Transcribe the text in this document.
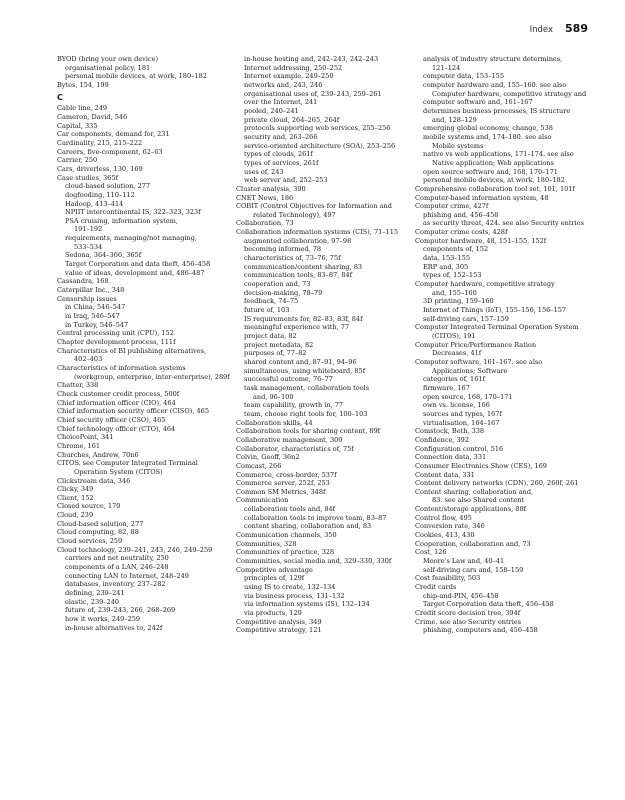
Index 589
BYOD (bring your own device)
organisational policy, 181
personal mobile devices, at work, 180–182
Bytes, 154, 199
C
Cable line, 249
Cameron, David, 546
Capital, 335
Car components, demand for, 231
Cardinality, 215, 215–222
Careers, five-component, 62–63
Carrier, 250
Cars, driverless, 130, 169
Case studies, 365f
cloud-based solution, 277
dogfooding, 110–112
Hadoop, 413–414
NPIIT intercontinental IS, 322–323, 323f
PSA cruising, information system,
191–192
requirements, managing/not managing,
533–534
Sedona, 364–366, 365f
Target Corporation and data theft, 456–458
value of ideas, development and, 486–487
Cassandra, 168
Caterpillar Inc., 348
Censorship issues
in China, 546–547
in Iraq, 546–547
in Turkey, 546–547
Central processing unit (CPU), 152
Chapter development process, 111f
Characteristics of BI publishing alternatives,
402–403
Characteristics of information systems
(workgroup, enterprise, inter-enterprise), 289f
Chatter, 338
Check customer credit process, 500f
Chief information officer (CIO), 464
Chief information security officer (CISO), 465
Chief security officer (CSO), 465
Chief technology officer (CTO), 464
ChoicePoint, 341
Chrome, 161
Churches, Andrew, 70n6
CITOS. see Computer Integrated Terminal
Operation System (CITOS)
Clickstream data, 346
Clicky, 349
Client, 152
Closed source, 170
Cloud, 239
Cloud-based solution, 277
Cloud computing, 82, 88
Cloud services, 259
Cloud technology, 239–241, 243, 246, 249–259
carriers and net neutrality, 250
components of a LAN, 246–248
connecting LAN to Internet, 248–249
databases, inventory, 237–282
defining, 239–241
elastic, 239–240
future of, 239–243, 266, 268–269
how it works, 249–259
in-house alternatives to, 242f
in-house hosting and, 242–243, 242–243
Internet addressing, 250–252
Internet example, 249–250
networks and, 243, 246
organisational uses of, 239–243, 259–261
over the Internet, 241
pooled, 240–241
private cloud, 264–265, 264f
protocols supporting web services, 255–256
security and, 263–266
service-oriented architecture (SOA), 253–256
types of clouds, 261f
types of services, 261f
uses of, 243
web server and, 252–253
Cluster analysis, 390
CNET News, 186
COBIT (Control Objectives for Information and
related Technology), 497
Collaboration, 73
Collaboration information systems (CIS), 71–115
augmented collaboration, 97–98
becoming informed, 78
characteristics of, 73–76, 75f
communication/content sharing, 83
communication tools, 83–87, 84f
cooperation and, 73
decision-making, 78–79
feedback, 74–75
future of, 103
IS requirements for, 82–83, 83f, 84f
meaningful experience with, 77
project data, 82
project metadata, 82
purposes of, 77–82
shared content and, 87–91, 94–96
simultaneous, using whiteboard, 85f
successful outcome, 76–77
task management, collaboration tools
and, 96–100
team capability, growth in, 77
team, choose right tools for, 100–103
Collaboration skills, 44
Collaboration tools for sharing content, 89f
Collaborative management, 309
Collaborator, characteristics of, 75f
Colvin, Geoff, 36n2
Comcast, 266
Commerce, cross-border, 537f
Commerce server, 252f, 253
Common SM Metrics, 348f
Communication
collaboration tools and, 84f
collaboration tools to improve team, 83–87
content sharing, collaboration and, 83
Communication channels, 350
Communities, 328
Communities of practice, 328
Communities, social media and, 329–330, 330f
Competitive advantage
principles of, 129f
using IS to create, 132–134
via business process, 131–132
via information systems (IS), 132–134
via products, 129
Competitive analysis, 349
Competitive strategy, 121
analysis of industry structure determines,
121–124
computer data, 153–155
computer hardware and, 155–160. see also
Computer hardware, competitive strategy and
computer software and, 161–167
determines business processes, IS structure
and, 128–129
emerging global economy, change, 538
mobile systems and, 174–180. see also
Mobile systems
native vs web applications, 171–174. see also
Native application; Web applications
open source software and, 168, 170–171
personal mobile devices, at work, 180–182
Comprehensive collaboration tool set, 101, 101f
Computer-based information system, 48
Computer crime, 427f
phishing and, 456–458
as security threat, 424. see also Security entries
Computer crime costs, 428f
Computer hardware, 48, 151–155, 152f
components of, 152
data, 153–155
ERP and, 305
types of, 152–153
Computer hardware, competitive strategy
and, 155–160
3D printing, 159–160
Internet of Things (IoT), 155–156, 156–157
self-driving cars, 157–159
Computer Integrated Terminal Operation System
(CITOS), 191
Computer Price/Performance Ration
Decreases, 41f
Computer software, 161–167. see also
Applications; Software
categories of, 161f
firmware, 167
open source, 168, 170–171
own vs. license, 166
sources and types, 167f
virtualisation, 164–167
Comstock, Beth, 338
Confidence, 392
Configuration control, 516
Connection data, 331
Consumer Electronics Show (CES), 169
Content data, 331
Content delivery networks (CDN), 260, 260f, 261
Content sharing, collaboration and,
83. see also Shared content
Content/storage applications, 88f
Control flow, 495
Conversion rate, 346
Cookies, 413, 430
Cooperation, collaboration and, 73
Cost, 126
Moore's Law and, 40–41
self-driving cars and, 158–159
Cost feasibility, 503
Credit cards
chip-and-PIN, 456–458
Target Corporation data theft, 456–458
Credit score decision tree, 394f
Crime. see also Security entries
phishing, computers and, 456–458
